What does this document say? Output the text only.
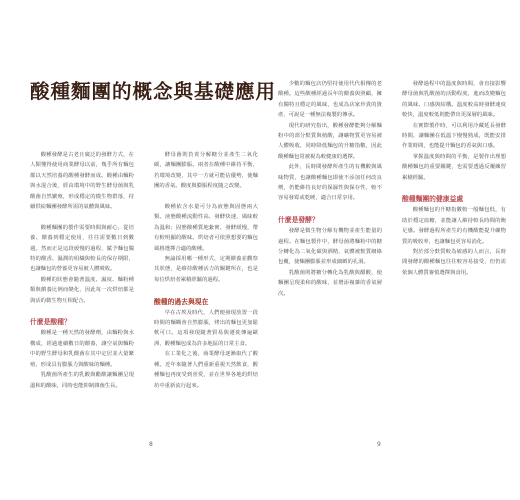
酸種麵團的概念與基礎應用

酸種發酵是古老且廣泛的發酵方式，在人類懂得使用商業酵母以前，幾乎所有麵包都以天然培養的酸種發酵而成。酸種由麵粉與水混合後，經由環境中的野生酵母菌與乳酸菌自然繁殖，形成穩定的微生物群落，持續供給麵團發酵所需的氣體與風味。

酸種麵團的製作需要時間與耐心，從培養、餵養到穩定使用，往往需要數日到數週。然而正是這段緩慢的過程，賦予麵包獨特的酸香、濕潤的組織與較長的保存期限，也讓麵包的營養更容易被人體吸收。

酸種的狀態會隨著溫度、濕度、麵粉種類與餵養比例而變化，因此每一次烘焙都是與活的微生物互相配合。

什麼是酸種？

酸種是一種天然的發酵劑，由麵粉與水構成，經過連續數日的餵養，讓空氣與麵粉中的野生酵母和乳酸菌在其中定居並大量繁殖，形成具有膨脹力與酸味的麵種。

乳酸菌所產生的乳酸與醋酸讓麵團呈現溫和的酸味，同時也能抑制雜菌生長。

酵母菌則負責分解糖分並產生二氧化碳，讓麵團膨脹。兩者在酸種中維持平衡，若環境改變，其中一方就可能佔優勢，使麵團的香氣、酸度與膨脹程度隨之改變。

酸種依含水量可分為液態與固態兩大類。液態酸種流動性高、發酵快速，風味較為溫和；固態酸種質地紮實、發酵緩慢，帶有較明顯的酸味。烘焙者可依照想要的麵包風格選擇合適的酸種。

無論採用哪一種形式，定期餵養並觀察其狀態，是維持酸種活力的關鍵所在，也是每位烘焙者累積經驗的過程。

酸種的過去與現在

早在古埃及時代，人們便發現放置一段時間的麵糊會自然膨脹，烤出的麵包更加鬆軟可口。這項發現隨著貿易與遷徙傳遍歐洲，酸種麵包成為許多地區的日常主食。

在工業化之後，商業酵母逐漸取代了酸種。近年來隨著人們重新重視天然飲食，酸種麵包再度受到喜愛，並在世界各地的烘焙坊中重新流行起來。

8

少數的麵包店仍堅持使用代代相傳的老酸種。這些酸種經過長年的餵養與照顧，擁有獨特且穩定的風味，也成為店家珍貴的資產，可說是一種無法複製的傳承。

現代的研究指出，酸種發酵能夠分解麵粉中的部分麩質與植酸，讓礦物質更容易被人體吸收，同時降低麵包的升糖指數，因此酸種麵包常被視為較健康的選擇。

此外，長時間發酵所產生的有機酸與風味物質，也讓酸種麵包即使不添加任何改良劑，仍能維持良好的保濕性與保存性，較不容易發霉或乾硬，適合日常享用。

什麼是發酵？

發酵是微生物分解有機物並產生能量的過程。在麵包製作中，酵母菌將麵粉中的糖分轉化為二氧化碳與酒精，氣體被麩質網絡包覆，使麵團膨脹並形成細緻的孔洞。

乳酸菌則將糖分轉化為乳酸與醋酸，使麵團呈現柔和的酸味，並增添複雜的香氣層次。

發酵過程中的溫度與時間，會直接影響酵母菌與乳酸菌的活動程度，進而改變麵包的風味、口感與結構。溫度較高時發酵速度較快，溫度較低則能帶出更深層的風味。

在實際製作時，可以利用冷藏延長發酵時間，讓麵團在低溫下慢慢熟成，既能安排作業時間，也能提升麵包的香氣與口感。

掌握溫度與時間的平衡，是製作出理想酸種麵包的重要關鍵，也需要透過反覆練習累積經驗。

酸種麵團的健康益處

酸種麵包的升糖指數較一般麵包低，有助於穩定血糖，並能讓人維持較長時間的飽足感。發酵過程所產生的有機酸能提升礦物質的吸收率，也讓麵包更容易消化。

對於部分麩質較為敏感的人而言，長時間發酵的酸種麵包往往較容易接受，但仍需依個人體質審慎選擇與食用。

9
